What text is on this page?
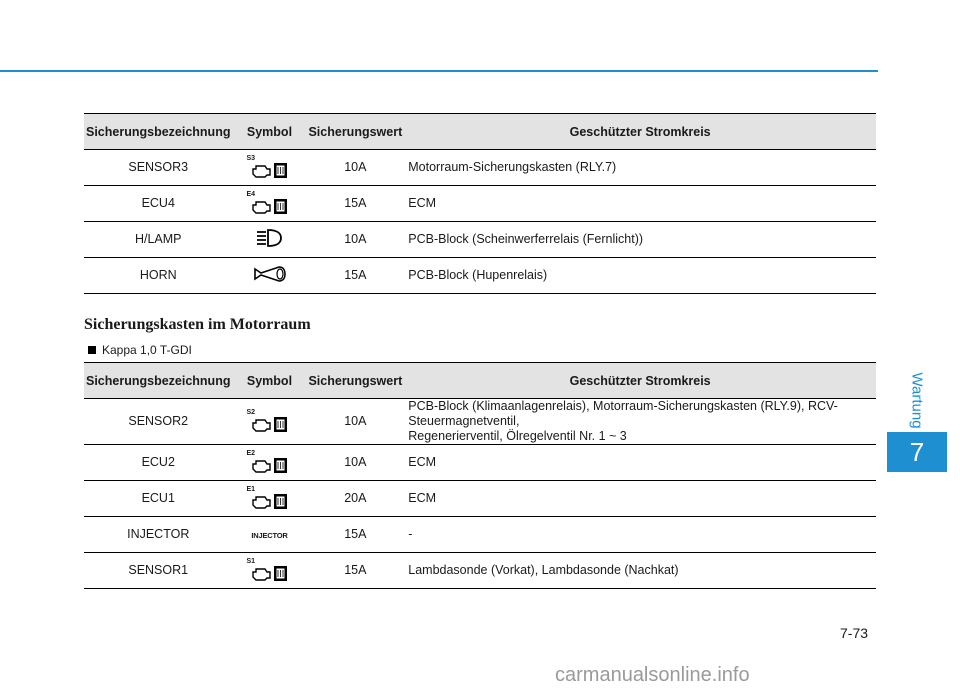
Wartung
7
Sicherungsbezeichnung	Symbol	Sicherungswert	Geschützter Stromkreis
SENSOR3	S3	10A	Motorraum-Sicherungskasten (RLY.7)
ECU4	E4	15A	ECM
H/LAMP		10A	PCB-Block (Scheinwerferrelais (Fernlicht))
HORN		15A	PCB-Block (Hupenrelais)
Sicherungskasten im Motorraum
Kappa 1,0 T-GDI
Sicherungsbezeichnung	Symbol	Sicherungswert	Geschützter Stromkreis
SENSOR2	S2	10A	PCB-Block (Klimaanlagenrelais), Motorraum-Sicherungskasten (RLY.9), RCV-Steuermagnetventil,
Regenerierventil, Ölregelventil Nr. 1 ~ 3

ECU2	E2	10A	ECM
ECU1	E1	20A	ECM
INJECTOR	INJECTOR	15A	-
SENSOR1	S1	15A	Lambdasonde (Vorkat), Lambdasonde (Nachkat)
7-73
carmanualsonline.info
